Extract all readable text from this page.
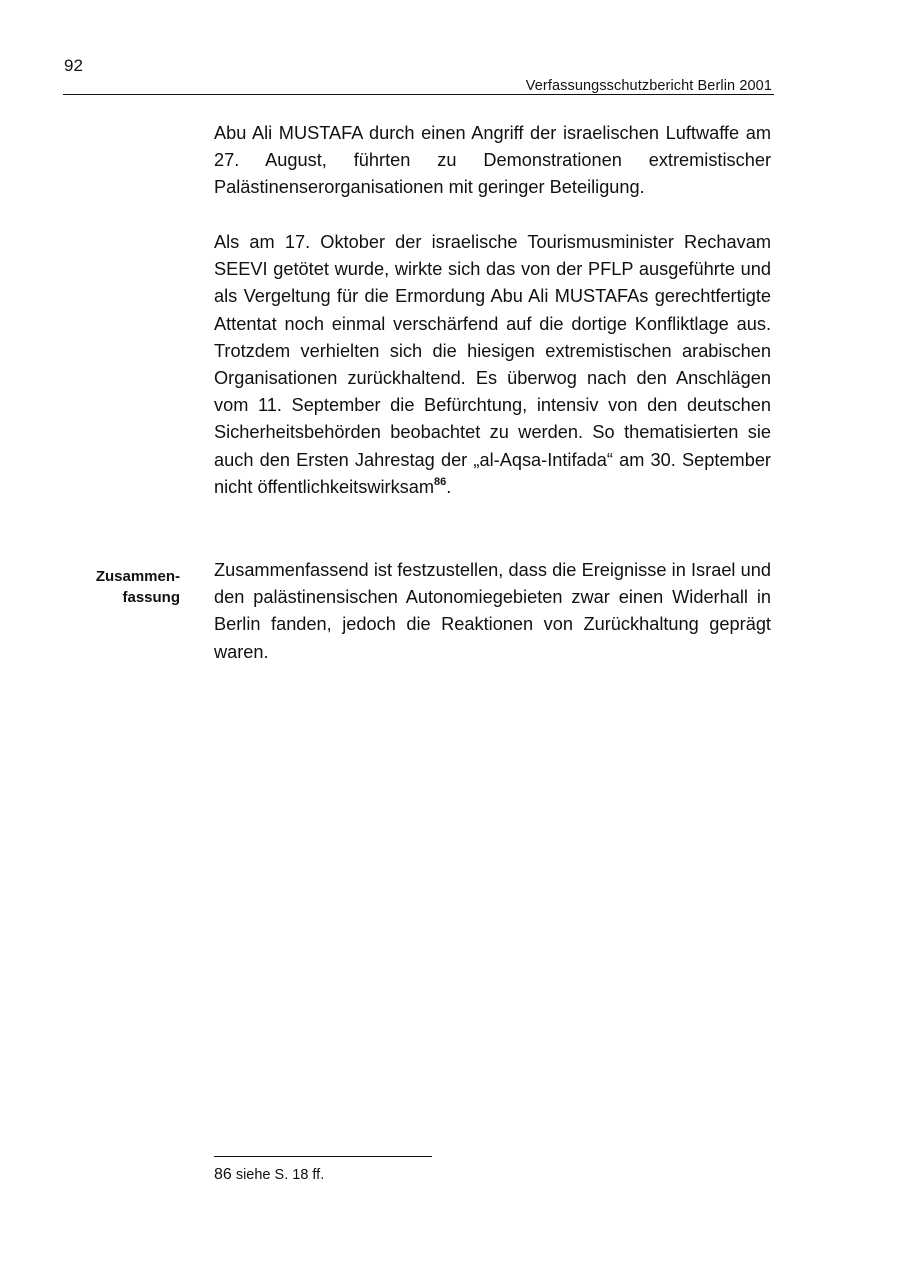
92
Verfassungsschutzbericht Berlin 2001

Abu Ali MUSTAFA durch einen Angriff der israelischen Luftwaffe am 27. August, führten zu Demonstrationen extremistischer Palästinenserorganisationen mit geringer Beteiligung.

Als am 17. Oktober der israelische Tourismusminister Rechavam SEEVI getötet wurde, wirkte sich das von der PFLP ausgeführte und als Vergeltung für die Ermordung Abu Ali MUSTAFAs gerechtfertigte Attentat noch einmal verschärfend auf die dortige Konfliktlage aus. Trotzdem verhielten sich die hiesigen extremistischen arabischen Organisationen zurückhaltend. Es überwog nach den Anschlägen vom 11. September die Befürchtung, intensiv von den deutschen Sicherheitsbehörden beobachtet zu werden. So thematisierten sie auch den Ersten Jahrestag der „al-Aqsa-Intifada“ am 30. September nicht öffentlichkeitswirksam$^{86}$.

Zusammen-
fassung

Zusammenfassend ist festzustellen, dass die Ereignisse in Israel und den palästinensischen Autonomiegebieten zwar einen Widerhall in Berlin fanden, jedoch die Reaktionen von Zurückhaltung geprägt waren.

86 siehe S. 18 ff.
